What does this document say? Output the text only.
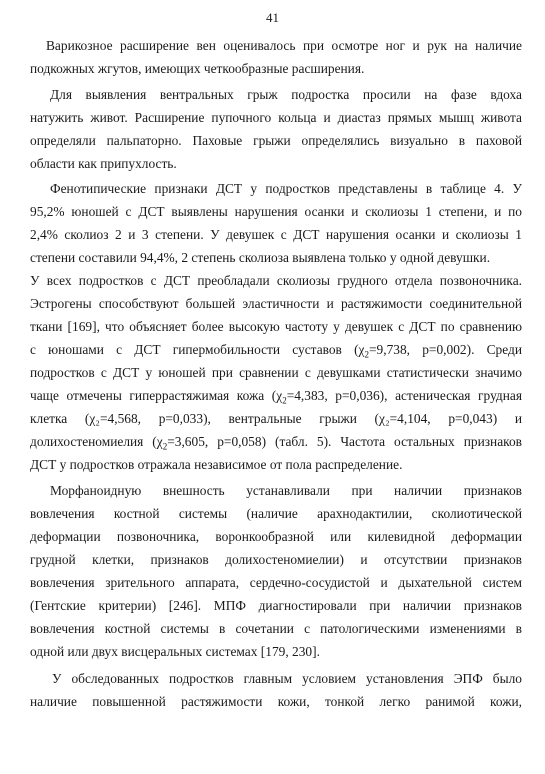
41
Варикозное расширение вен оценивалось при осмотре ног и рук на наличие
подкожных жгутов, имеющих четкообразные расширения.
Для выявления вентральных грыж подростка просили на фазе вдоха
натужить живот. Расширение пупочного кольца и диастаз прямых мышц живота
определяли пальпаторно. Паховые грыжи определялись визуально в паховой
области как припухлость.
Фенотипические признаки ДСТ у подростков представлены в таблице 4. У
95,2% юношей с ДСТ выявлены нарушения осанки и сколиозы 1 степени, и по
2,4% сколиоз 2 и 3 степени. У девушек с ДСТ нарушения осанки и сколиозы 1
степени составили 94,4%, 2 степень сколиоза выявлена только у одной девушки.
У всех подростков с ДСТ преобладали сколиозы грудного отдела позвоночника.
Эстрогены способствуют большей эластичности и растяжимости соединительной
ткани [169], что объясняет более высокую частоту у девушек с ДСТ по сравнению
с юношами с ДСТ гипермобильности суставов ($\chi_2=9,738$, p=0,002). Среди
подростков с ДСТ у юношей при сравнении с девушками статистически значимо
чаще отмечены гиперрастяжимая кожа ($\chi_2=4,383$, p=0,036), астеническая грудная
клетка (χ₂=4,568, p=0,033), вентральные грыжи (χ₂=4,104, p=0,043) и
долихостеномиелия ($\chi_2=3,605$, p=0,058) (табл. 5). Частота остальных признаков
ДСТ у подростков отражала независимое от пола распределение.
Морфаноидную внешность устанавливали при наличии признаков
вовлечения костной системы (наличие арахнодактилии, сколиотической
деформации позвоночника, воронкообразной или килевидной деформации
грудной клетки, признаков долихостеномиелии) и отсутствии признаков
вовлечения зрительного аппарата, сердечно-сосудистой и дыхательной систем
(Гентские критерии) [246]. МПФ диагностировали при наличии признаков
вовлечения костной системы в сочетании с патологическими изменениями в
одной или двух висцеральных системах [179, 230].
У обследованных подростков главным условием установления ЭПФ было
наличие повышенной растяжимости кожи, тонкой легко ранимой кожи,
